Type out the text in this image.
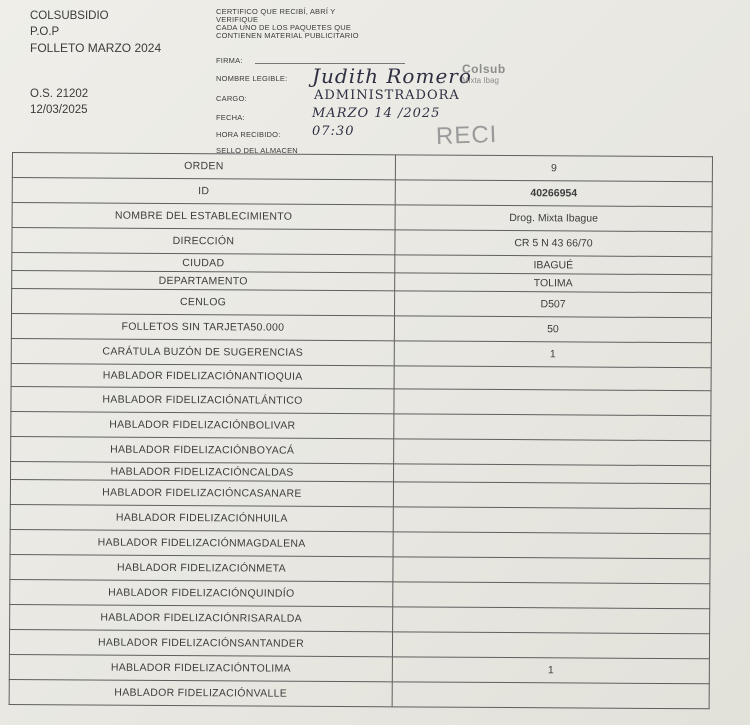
COLSUBSIDIO
P.O.P
FOLLETO MARZO 2024
O.S. 21202
12/03/2025
CERTIFICO QUE RECIBÍ, ABRÍ Y
VERIFIQUE
CADA UNO DE LOS PAQUETES QUE
CONTIENEN MATERIAL PUBLICITARIO
FIRMA:
NOMBRE LEGIBLE:
CARGO:
FECHA:
HORA RECIBIDO:
Judith Romero
ADMINISTRADORA
MARZO 14 /2025
07:30
Colsub
Mixta Ibag
RECI
SELLO DEL ALMACEN
ORDEN	9
ID	40266954
NOMBRE DEL ESTABLECIMIENTO	Drog. Mixta Ibague
DIRECCIÓN	CR 5 N 43 66/70
CIUDAD	IBAGUÉ
DEPARTAMENTO	TOLIMA
CENLOG	D507
FOLLETOS SIN TARJETA50.000	50
CARÁTULA BUZÓN DE SUGERENCIAS	1
HABLADOR FIDELIZACIÓNANTIOQUIA	
HABLADOR FIDELIZACIÓNATLÁNTICO	
HABLADOR FIDELIZACIÓNBOLIVAR	
HABLADOR FIDELIZACIÓNBOYACÁ	
HABLADOR FIDELIZACIÓNCALDAS	
HABLADOR FIDELIZACIÓNCASANARE	
HABLADOR FIDELIZACIÓNHUILA	
HABLADOR FIDELIZACIÓNMAGDALENA	
HABLADOR FIDELIZACIÓNMETA	
HABLADOR FIDELIZACIÓNQUINDÍO	
HABLADOR FIDELIZACIÓNRISARALDA	
HABLADOR FIDELIZACIÓNSANTANDER	
HABLADOR FIDELIZACIÓNTOLIMA	1
HABLADOR FIDELIZACIÓNVALLE	
